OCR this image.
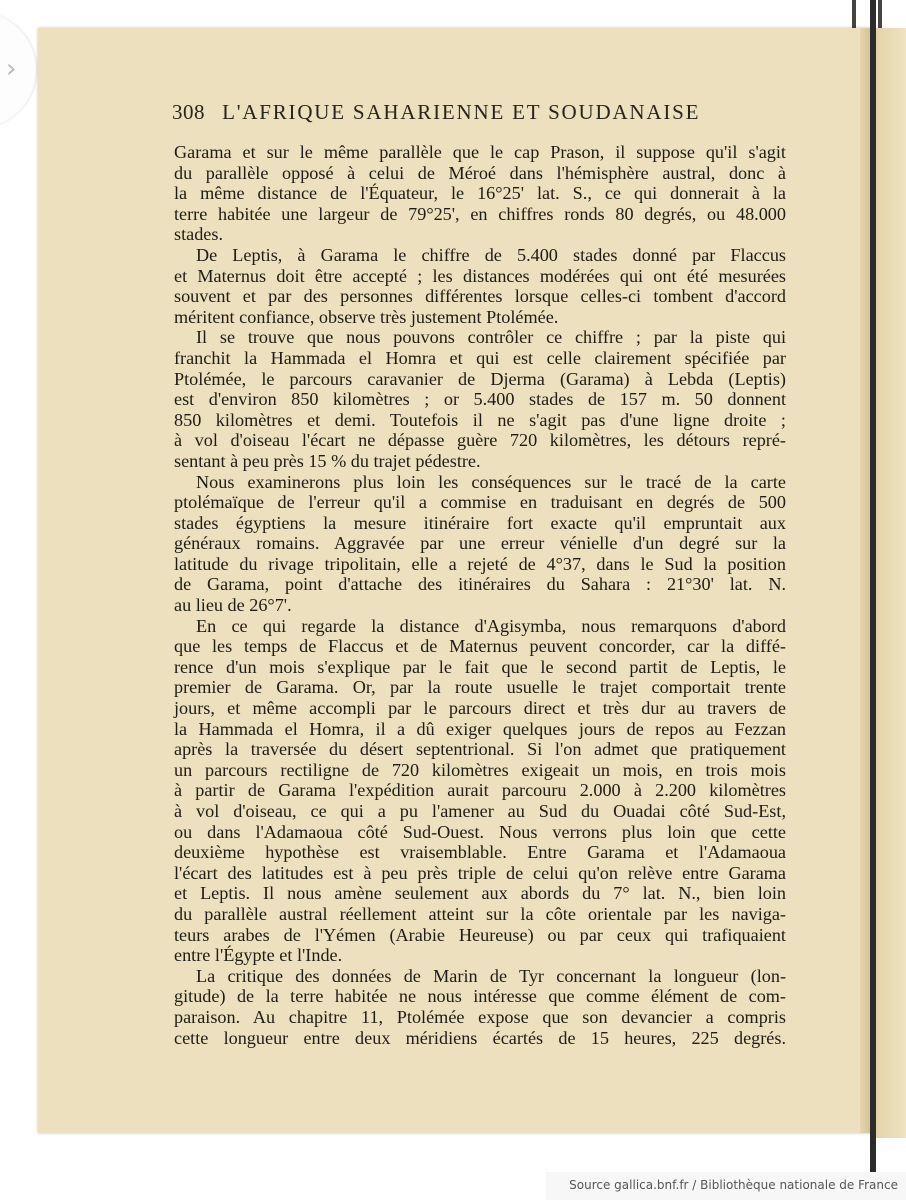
›
308 L'AFRIQUE SAHARIENNE ET SOUDANAISE
Garama et sur le même parallèle que le cap Prason, il suppose qu'il s'agit
du parallèle opposé à celui de Méroé dans l'hémisphère austral, donc à
la même distance de l'Équateur, le 16°25' lat. S., ce qui donnerait à la
terre habitée une largeur de 79°25', en chiffres ronds 80 degrés, ou 48.000
stades.
De Leptis, à Garama le chiffre de 5.400 stades donné par Flaccus
et Maternus doit être accepté ; les distances modérées qui ont été mesurées
souvent et par des personnes différentes lorsque celles-ci tombent d'accord
méritent confiance, observe très justement Ptolémée.
Il se trouve que nous pouvons contrôler ce chiffre ; par la piste qui
franchit la Hammada el Homra et qui est celle clairement spécifiée par
Ptolémée, le parcours caravanier de Djerma (Garama) à Lebda (Leptis)
est d'environ 850 kilomètres ; or 5.400 stades de 157 m. 50 donnent
850 kilomètres et demi. Toutefois il ne s'agit pas d'une ligne droite ;
à vol d'oiseau l'écart ne dépasse guère 720 kilomètres, les détours repré-
sentant à peu près 15 % du trajet pédestre.
Nous examinerons plus loin les conséquences sur le tracé de la carte
ptolémaïque de l'erreur qu'il a commise en traduisant en degrés de 500
stades égyptiens la mesure itinéraire fort exacte qu'il empruntait aux
généraux romains. Aggravée par une erreur vénielle d'un degré sur la
latitude du rivage tripolitain, elle a rejeté de 4°37, dans le Sud la position
de Garama, point d'attache des itinéraires du Sahara : 21°30' lat. N.
au lieu de 26°7'.
En ce qui regarde la distance d'Agisymba, nous remarquons d'abord
que les temps de Flaccus et de Maternus peuvent concorder, car la diffé-
rence d'un mois s'explique par le fait que le second partit de Leptis, le
premier de Garama. Or, par la route usuelle le trajet comportait trente
jours, et même accompli par le parcours direct et très dur au travers de
la Hammada el Homra, il a dû exiger quelques jours de repos au Fezzan
après la traversée du désert septentrional. Si l'on admet que pratiquement
un parcours rectiligne de 720 kilomètres exigeait un mois, en trois mois
à partir de Garama l'expédition aurait parcouru 2.000 à 2.200 kilomètres
à vol d'oiseau, ce qui a pu l'amener au Sud du Ouadai côté Sud-Est,
ou dans l'Adamaoua côté Sud-Ouest. Nous verrons plus loin que cette
deuxième hypothèse est vraisemblable. Entre Garama et l'Adamaoua
l'écart des latitudes est à peu près triple de celui qu'on relève entre Garama
et Leptis. Il nous amène seulement aux abords du 7° lat. N., bien loin
du parallèle austral réellement atteint sur la côte orientale par les naviga-
teurs arabes de l'Yémen (Arabie Heureuse) ou par ceux qui trafiquaient
entre l'Égypte et l'Inde.
La critique des données de Marin de Tyr concernant la longueur (lon-
gitude) de la terre habitée ne nous intéresse que comme élément de com-
paraison. Au chapitre 11, Ptolémée expose que son devancier a compris
cette longueur entre deux méridiens écartés de 15 heures, 225 degrés.
Source gallica.bnf.fr / Bibliothèque nationale de France
